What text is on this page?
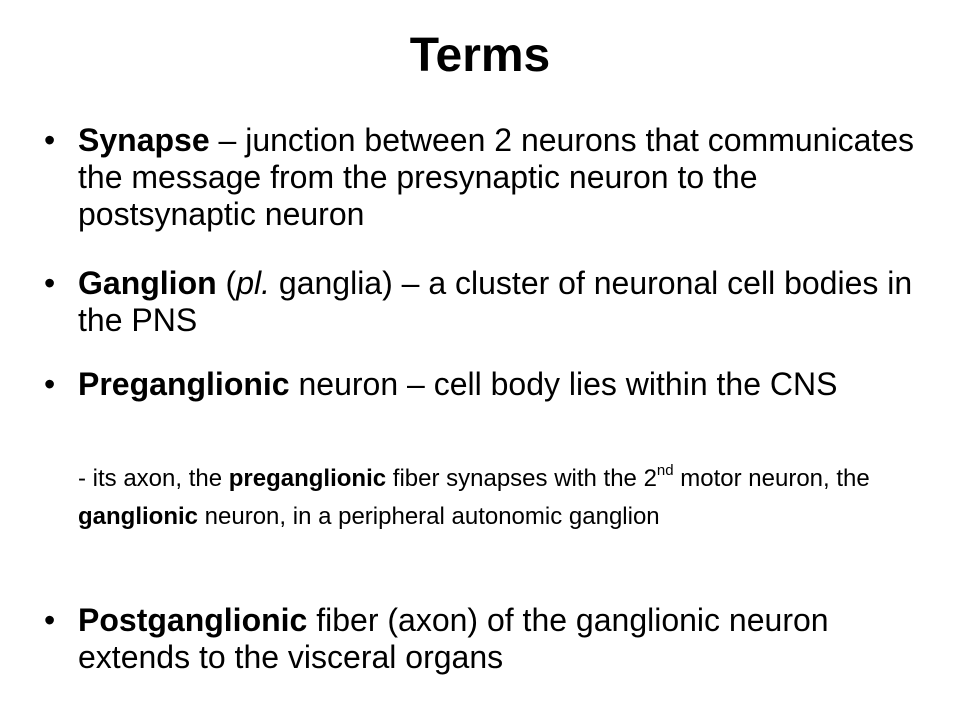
Terms
• Synapse – junction between 2 neurons that communicates the message from the presynaptic neuron to the postsynaptic neuron
• Ganglion (pl. ganglia) – a cluster of neuronal cell bodies in the PNS
• Preganglionic neuron – cell body lies within the CNS
- its axon, the preganglionic fiber synapses with the 2nd motor neuron, the ganglionic neuron, in a peripheral autonomic ganglion
• Postganglionic fiber (axon) of the ganglionic neuron extends to the visceral organs
